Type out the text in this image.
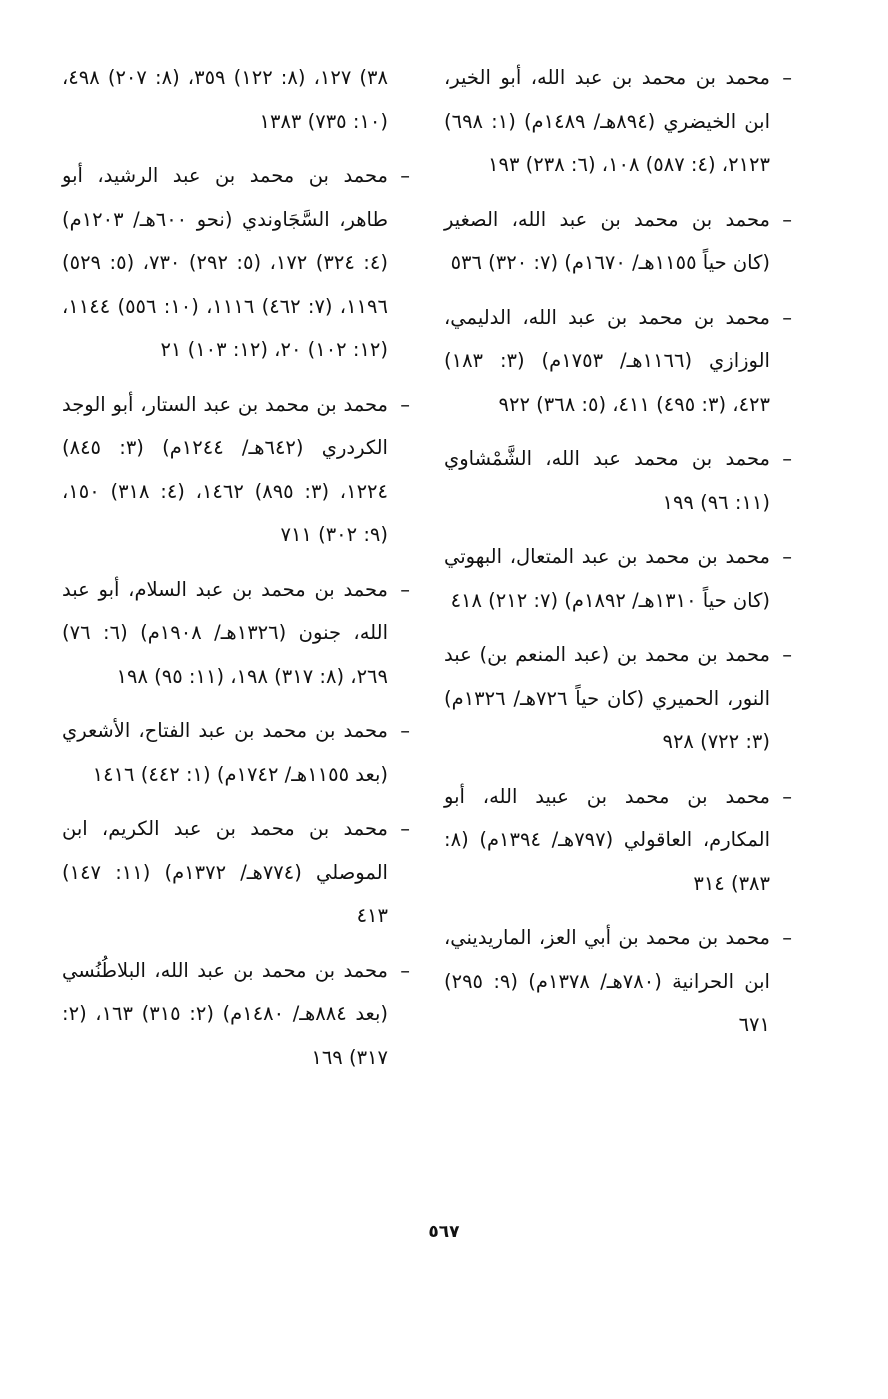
٣٨) ١٢٧، (٨: ١٢٢) ٣٥٩، (٨: ٢٠٧) ٤٩٨، (١٠: ٧٣٥) ١٣٨٣
–
محمد بن محمد بن عبد الرشيد، أبو طاهر، السَّجَاوندي (نحو ٦٠٠هـ/ ١٢٠٣م) (٤: ٣٢٤) ١٧٢، (٥: ٢٩٢) ٧٣٠، (٥: ٥٢٩) ١١٩٦، (٧: ٤٦٢) ١١١٦، (١٠: ٥٥٦) ١١٤٤، (١٢: ١٠٢) ٢٠، (١٢: ١٠٣) ٢١
–
محمد بن محمد بن عبد الستار، أبو الوجد الكردري (٦٤٢هـ/ ١٢٤٤م) (٣: ٨٤٥) ١٢٢٤، (٣: ٨٩٥) ١٤٦٢، (٤: ٣١٨) ١٥٠، (٩: ٣٠٢) ٧١١
–
محمد بن محمد بن عبد السلام، أبو عبد الله، جنون (١٣٢٦هـ/ ١٩٠٨م) (٦: ٧٦) ٢٦٩، (٨: ٣١٧) ١٩٨، (١١: ٩٥) ١٩٨
–
محمد بن محمد بن عبد الفتاح، الأشعري (بعد ١١٥٥هـ/ ١٧٤٢م) (١: ٤٤٢) ١٤١٦
–
محمد بن محمد بن عبد الكريم، ابن الموصلي (٧٧٤هـ/ ١٣٧٢م) (١١: ١٤٧) ٤١٣
–
محمد بن محمد بن عبد الله، البلاطُنُسي (بعد ٨٨٤هـ/ ١٤٨٠م) (٢: ٣١٥) ١٦٣، (٢: ٣١٧) ١٦٩
–
محمد بن محمد بن عبد الله، أبو الخير، ابن الخيضري (٨٩٤هـ/ ١٤٨٩م) (١: ٦٩٨) ٢١٢٣، (٤: ٥٨٧) ١٠٨، (٦: ٢٣٨) ١٩٣
–
محمد بن محمد بن عبد الله، الصغير (كان حياً ١١٥٥هـ/ ١٦٧٠م) (٧: ٣٢٠) ٥٣٦
–
محمد بن محمد بن عبد الله، الدليمي، الوزازي (١١٦٦هـ/ ١٧٥٣م) (٣: ١٨٣) ٤٢٣، (٣: ٤٩٥) ٤١١، (٥: ٣٦٨) ٩٢٢
–
محمد بن محمد عبد الله، الشَّمْشاوي (١١: ٩٦) ١٩٩
–
محمد بن محمد بن عبد المتعال، البهوتي (كان حياً ١٣١٠هـ/ ١٨٩٢م) (٧: ٢١٢) ٤١٨
–
محمد بن محمد بن (عبد المنعم بن) عبد النور، الحميري (كان حياً ٧٢٦هـ/ ١٣٢٦م) (٣: ٧٢٢) ٩٢٨
–
محمد بن محمد بن عبيد الله، أبو المكارم، العاقولي (٧٩٧هـ/ ١٣٩٤م) (٨: ٣٨٣) ٣١٤
–
محمد بن محمد بن أبي العز، الماريديني، ابن الحرانية (٧٨٠هـ/ ١٣٧٨م) (٩: ٢٩٥) ٦٧١
٥٦٧
